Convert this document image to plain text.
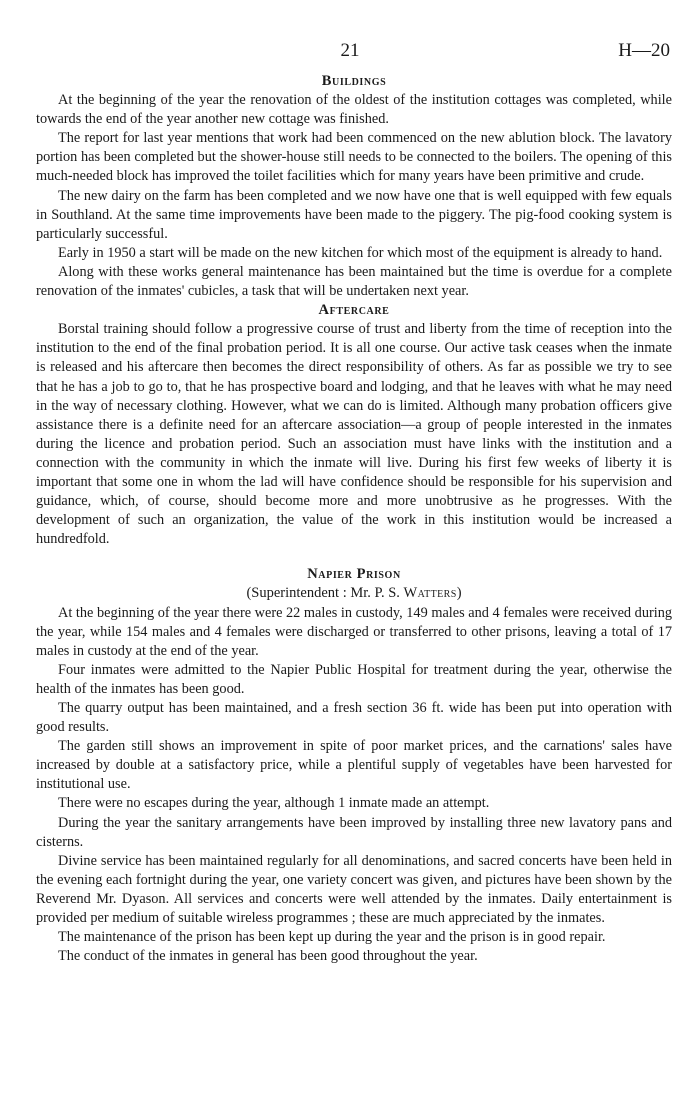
21	H—20
Buildings

At the beginning of the year the renovation of the oldest of the institution cottages was completed, while towards the end of the year another new cottage was finished.

The report for last year mentions that work had been commenced on the new ablution block. The lavatory portion has been completed but the shower-house still needs to be connected to the boilers. The opening of this much-needed block has improved the toilet facilities which for many years have been primitive and crude.

The new dairy on the farm has been completed and we now have one that is well equipped with few equals in Southland. At the same time improvements have been made to the piggery. The pig-food cooking system is particularly successful.

Early in 1950 a start will be made on the new kitchen for which most of the equipment is already to hand.

Along with these works general maintenance has been maintained but the time is overdue for a complete renovation of the inmates' cubicles, a task that will be undertaken next year.

Aftercare

Borstal training should follow a progressive course of trust and liberty from the time of reception into the institution to the end of the final probation period. It is all one course. Our active task ceases when the inmate is released and his aftercare then becomes the direct responsibility of others. As far as possible we try to see that he has a job to go to, that he has prospective board and lodging, and that he leaves with what he may need in the way of necessary clothing. However, what we can do is limited. Although many probation officers give assistance there is a definite need for an aftercare association—a group of people interested in the inmates during the licence and probation period. Such an association must have links with the institution and a connection with the community in which the inmate will live. During his first few weeks of liberty it is important that some one in whom the lad will have confidence should be responsible for his supervision and guidance, which, of course, should become more and more unobtrusive as he progresses. With the development of such an organization, the value of the work in this institution would be increased a hundredfold.

Napier Prison
(Superintendent : Mr. P. S. Watters)

At the beginning of the year there were 22 males in custody, 149 males and 4 females were received during the year, while 154 males and 4 females were discharged or transferred to other prisons, leaving a total of 17 males in custody at the end of the year.

Four inmates were admitted to the Napier Public Hospital for treatment during the year, otherwise the health of the inmates has been good.

The quarry output has been maintained, and a fresh section 36 ft. wide has been put into operation with good results.

The garden still shows an improvement in spite of poor market prices, and the carnations' sales have increased by double at a satisfactory price, while a plentiful supply of vegetables have been harvested for institutional use.

There were no escapes during the year, although 1 inmate made an attempt.

During the year the sanitary arrangements have been improved by installing three new lavatory pans and cisterns.

Divine service has been maintained regularly for all denominations, and sacred concerts have been held in the evening each fortnight during the year, one variety concert was given, and pictures have been shown by the Reverend Mr. Dyason. All services and concerts were well attended by the inmates. Daily entertainment is provided per medium of suitable wireless programmes ; these are much appreciated by the inmates.

The maintenance of the prison has been kept up during the year and the prison is in good repair.

The conduct of the inmates in general has been good throughout the year.
